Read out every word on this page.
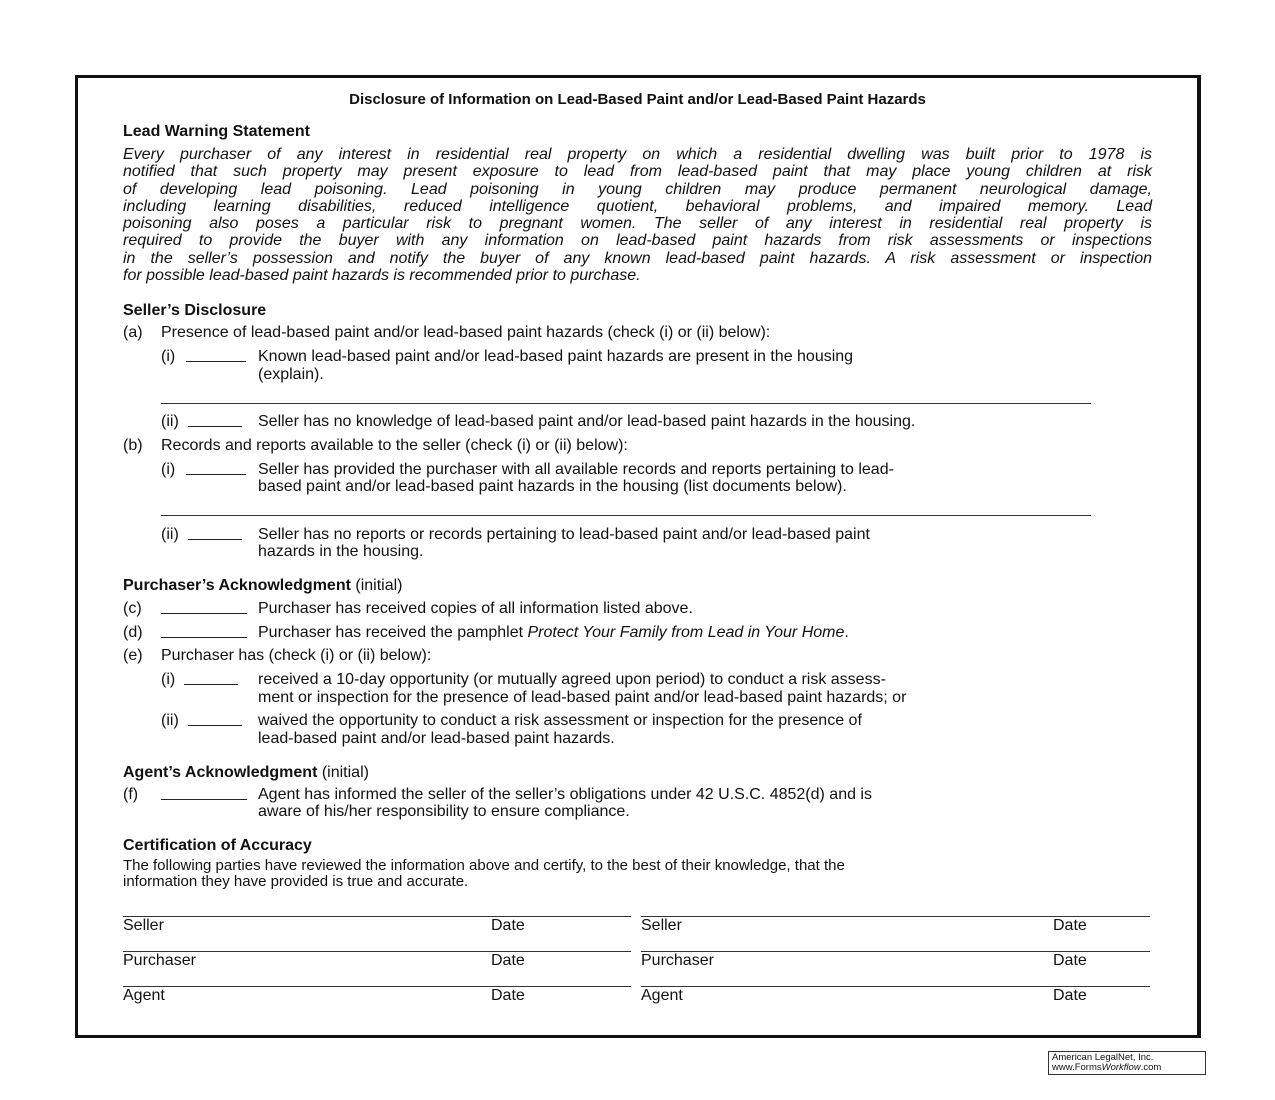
Disclosure of Information on Lead-Based Paint and/or Lead-Based Paint Hazards
Lead Warning Statement
Every purchaser of any interest in residential real property on which a residential dwelling was built prior to 1978 is
notified that such property may present exposure to lead from lead-based paint that may place young children at risk
of developing lead poisoning. Lead poisoning in young children may produce permanent neurological damage,
including learning disabilities, reduced intelligence quotient, behavioral problems, and impaired memory. Lead
poisoning also poses a particular risk to pregnant women. The seller of any interest in residential real property is
required to provide the buyer with any information on lead-based paint hazards from risk assessments or inspections
in the seller’s possession and notify the buyer of any known lead-based paint hazards. A risk assessment or inspection
for possible lead-based paint hazards is recommended prior to purchase.
Seller’s Disclosure
(a) Presence of lead-based paint and/or lead-based paint hazards (check (i) or (ii) below):
(i)	Known lead-based paint and/or lead-based paint hazards are present in the housing
(explain).
(ii)	Seller has no knowledge of lead-based paint and/or lead-based paint hazards in the housing.
(b) Records and reports available to the seller (check (i) or (ii) below):
(i)	Seller has provided the purchaser with all available records and reports pertaining to lead-
based paint and/or lead-based paint hazards in the housing (list documents below).
(ii)	Seller has no reports or records pertaining to lead-based paint and/or lead-based paint
hazards in the housing.
Purchaser’s Acknowledgment (initial)
(c)	Purchaser has received copies of all information listed above.
(d)	Purchaser has received the pamphlet Protect Your Family from Lead in Your Home.
(e) Purchaser has (check (i) or (ii) below):
(i)	received a 10-day opportunity (or mutually agreed upon period) to conduct a risk assess-
ment or inspection for the presence of lead-based paint and/or lead-based paint hazards; or
(ii)	waived the opportunity to conduct a risk assessment or inspection for the presence of
lead-based paint and/or lead-based paint hazards.
Agent’s Acknowledgment (initial)
(f)	Agent has informed the seller of the seller’s obligations under 42 U.S.C. 4852(d) and is
aware of his/her responsibility to ensure compliance.
Certification of Accuracy
The following parties have reviewed the information above and certify, to the best of their knowledge, that the
information they have provided is true and accurate.
Seller	Date	Seller	Date
Purchaser	Date	Purchaser	Date
Agent	Date	Agent	Date
American LegalNet, Inc.
www.FormsWorkflow.com
